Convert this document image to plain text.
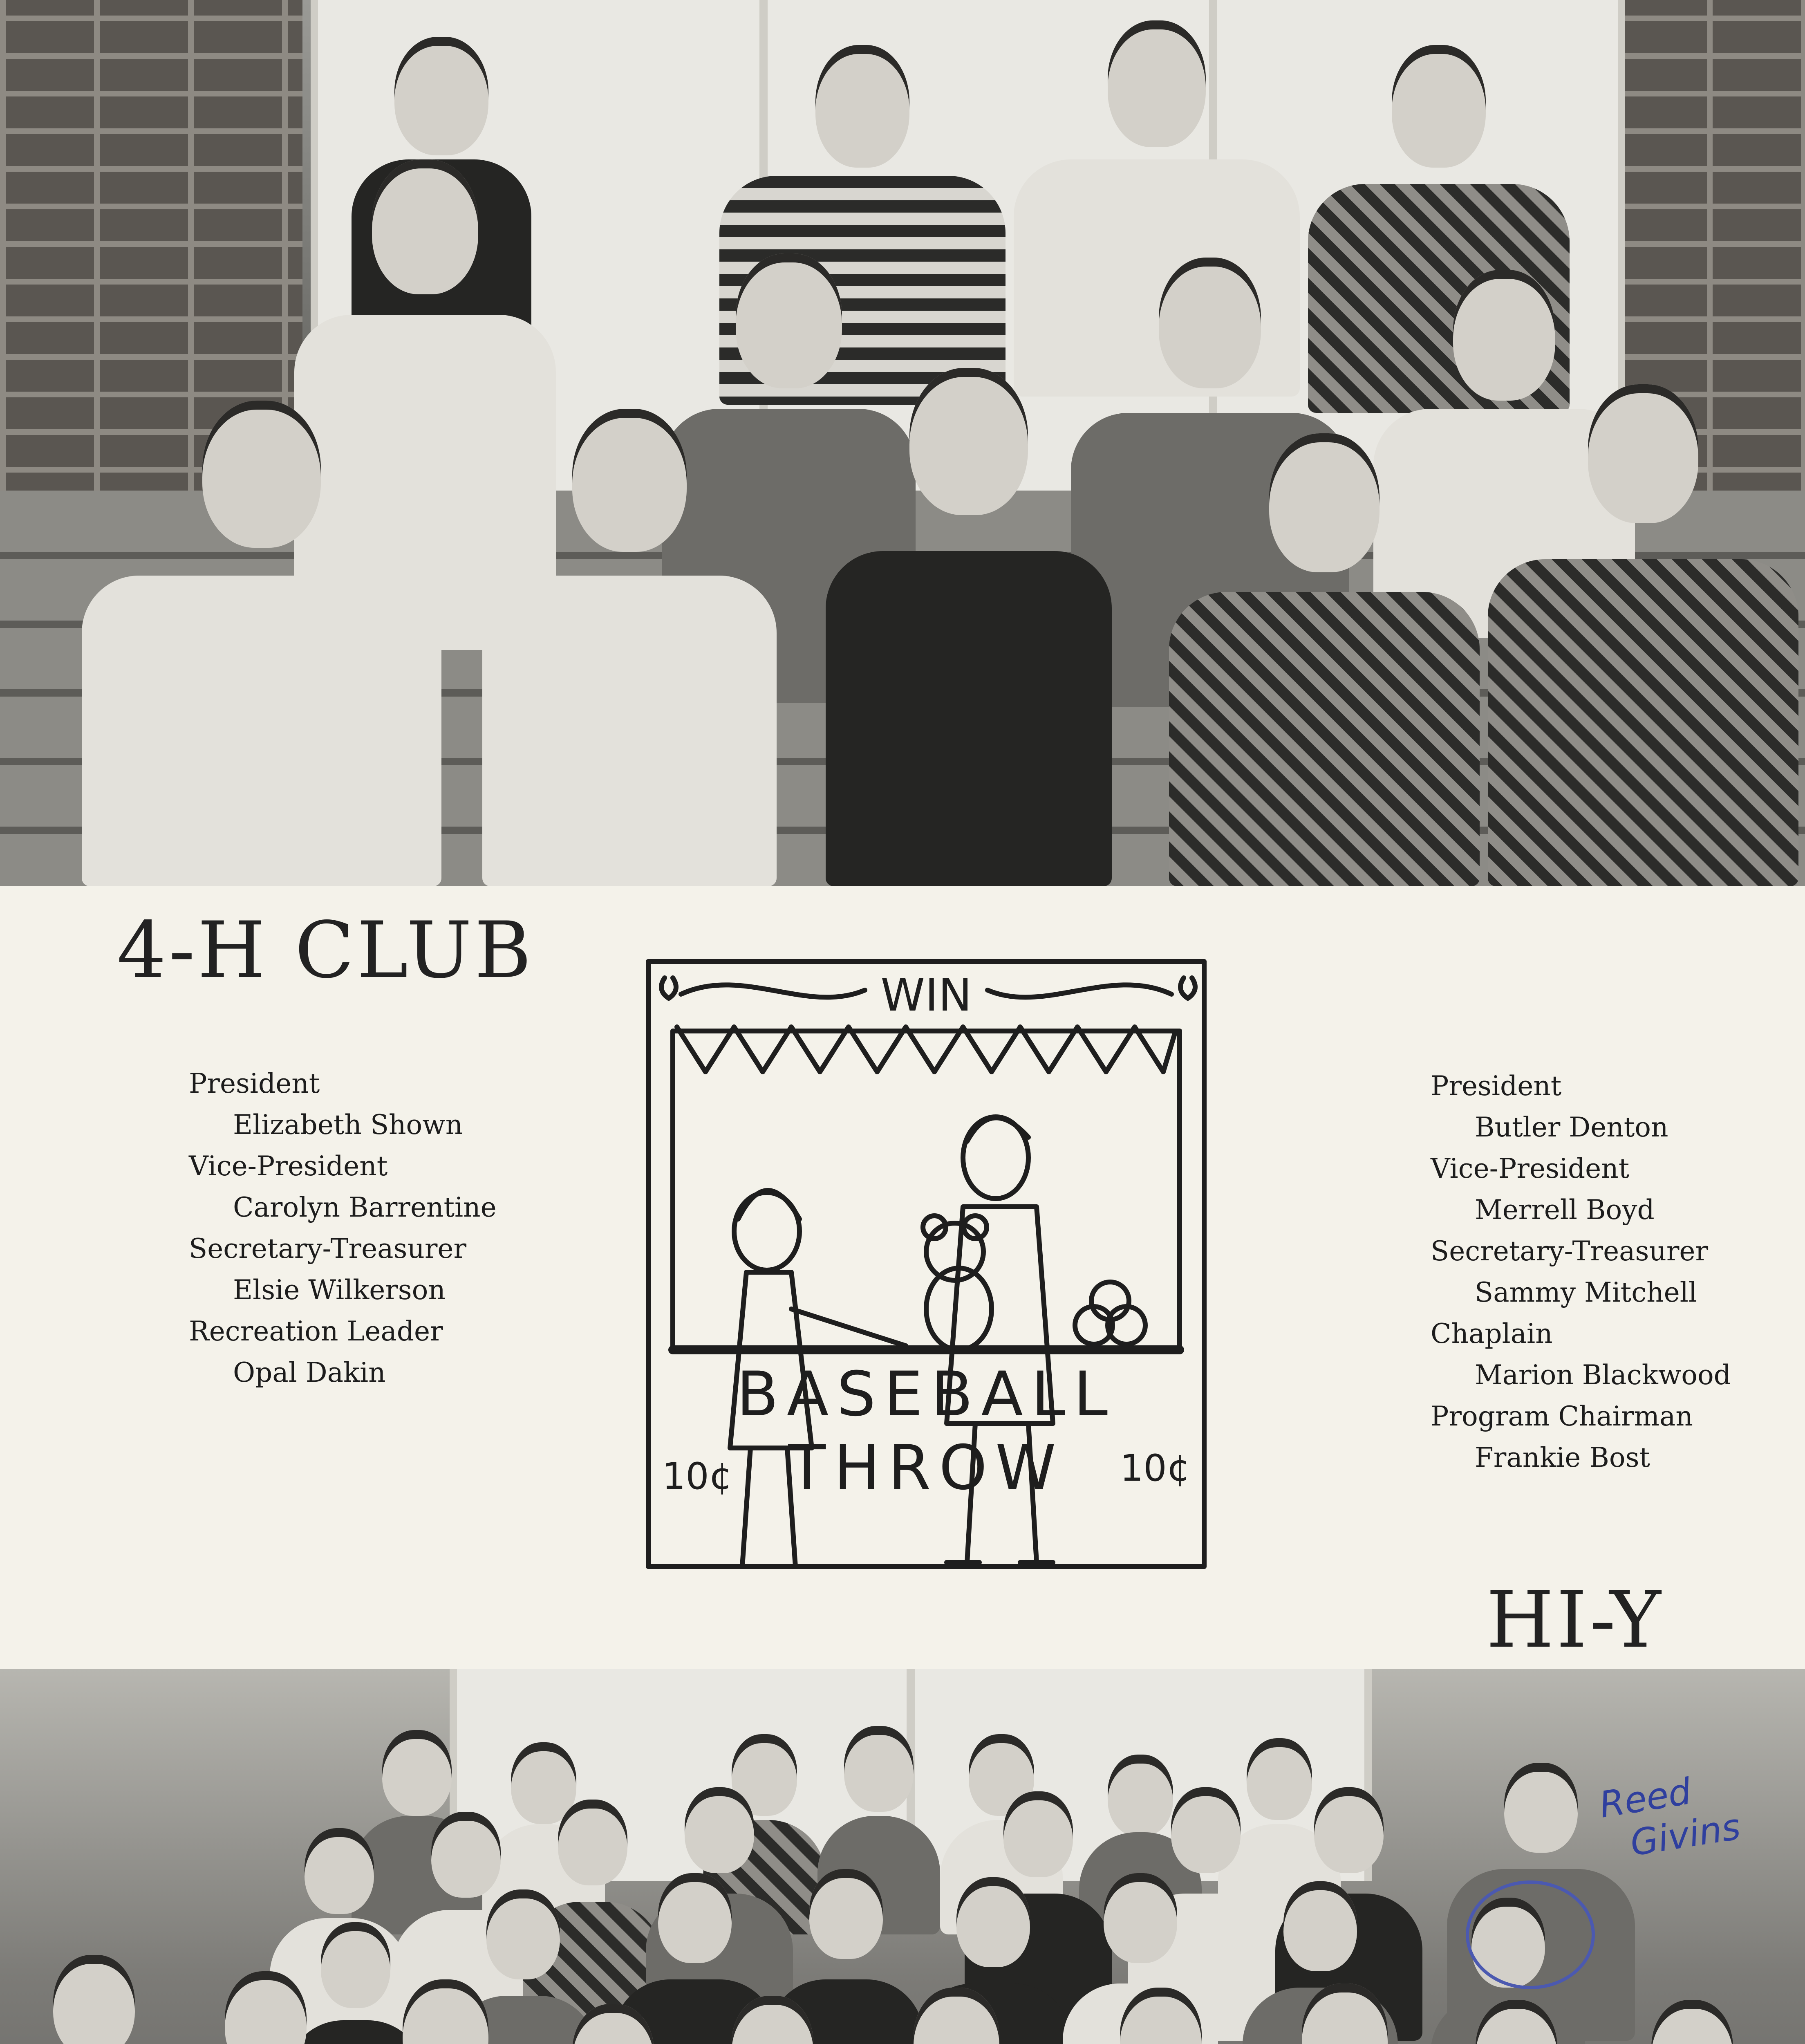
4-H CLUB
HI-Y
President
Elizabeth Shown
Vice-President
Carolyn Barrentine
Secretary-Treasurer
Elsie Wilkerson
Recreation Leader
Opal Dakin
President
Butler Denton
Vice-President
Merrell Boyd
Secretary-Treasurer
Sammy Mitchell
Chaplain
Marion Blackwood
Program Chairman
Frankie Bost
WIN
BASEBALL
THROW
10¢	10¢
Reed
Givins
